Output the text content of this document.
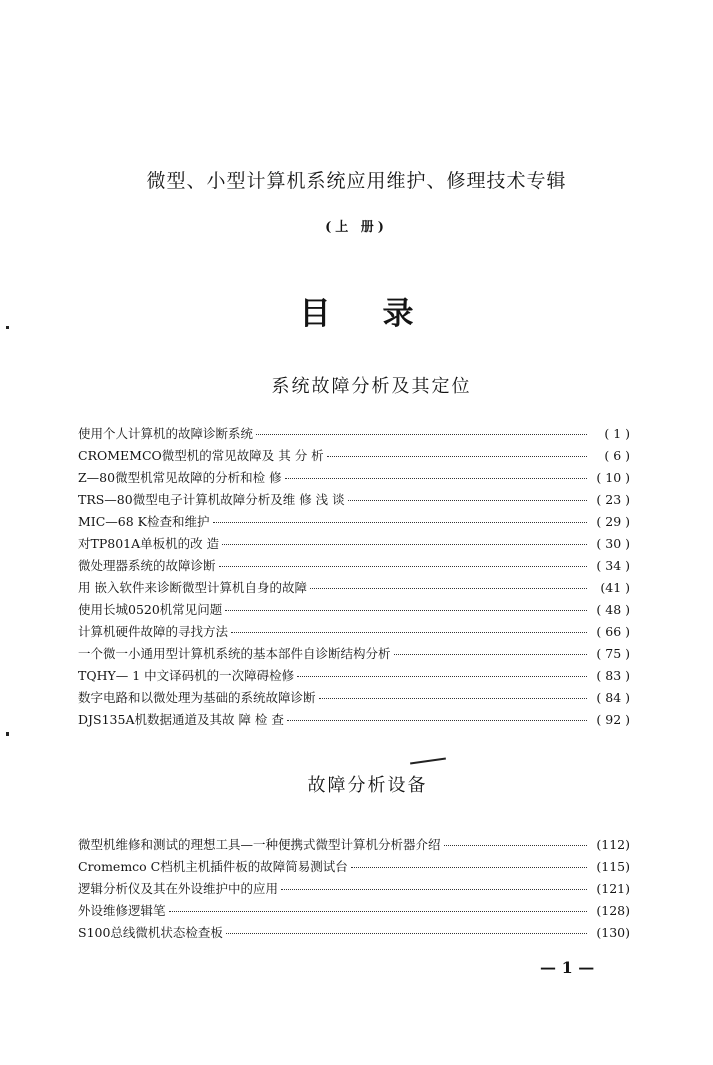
微型、小型计算机系统应用维护、修理技术专辑
(上 册)
目 录
系统故障分析及其定位
使用个人计算机的故障诊断系统	( 1 )
CROMEMCO微型机的常见故障及 其 分 析	( 6 )
Z—80微型机常见故障的分析和检 修	( 10 )
TRS—80微型电子计算机故障分析及维 修 浅 谈	( 23 )
MIC—68 K检查和维护	( 29 )
对TP801A单板机的改 造	( 30 )
微处理器系统的故障诊断	( 34 )
用 嵌入软件来诊断微型计算机自身的故障	(41 )
使用长城0520机常见问题	( 48 )
计算机硬件故障的寻找方法	( 66 )
一个微一小通用型计算机系统的基本部件自诊断结构分析	( 75 )
TQHY— 1 中文译码机的一次障碍检修	( 83 )
数字电路和以微处理为基础的系统故障诊断	( 84 )
DJS135A机数据通道及其故 障 检 查	( 92 )
故障分析设备
微型机维修和测试的理想工具—一种便携式微型计算机分析器介绍	(112)
Cromemco C档机主机插件板的故障简易测试台	(115)
逻辑分析仪及其在外设维护中的应用	(121)
外设维修逻辑笔	(128)
S100总线微机状态检查板	(130)
— 1 —
